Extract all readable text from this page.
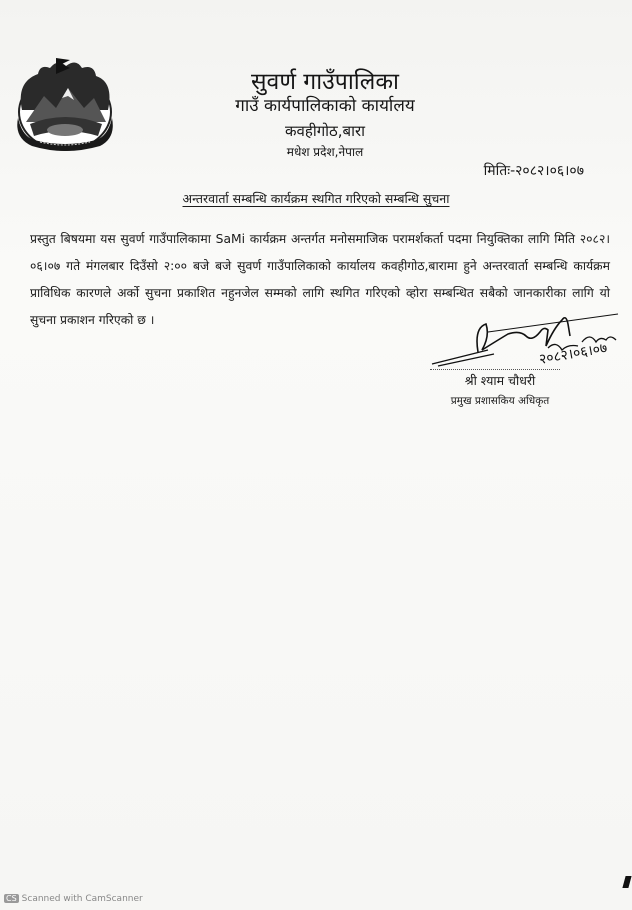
सुवर्ण गाउँपालिका
गाउँ कार्यपालिकाको कार्यालय
कवहीगोठ,बारा
मधेश प्रदेश,नेपाल
मितिः-२०८२।०६।०७
अन्तरवार्ता सम्बन्धि कार्यक्रम स्थगित गरिएको सम्बन्धि सुचना
प्रस्तुत बिषयमा यस सुवर्ण गाउँपालिकामा SaMi कार्यक्रम अन्तर्गत मनोसमाजिक परामर्शकर्ता पदमा नियुक्तिका लागि मिति २०८२।०६।०७ गते मंगलबार दिउँसो २:०० बजे बजे सुवर्ण गाउँपालिकाको कार्यालय कवहीगोठ,बारामा हुने अन्तरवार्ता सम्बन्धि कार्यक्रम प्राविधिक कारणले अर्को सुचना प्रकाशित नहुनजेल सम्मको लागि स्थगित गरिएको व्होरा सम्बन्धित सबैको जानकारीका लागि यो सुचना प्रकाशन गरिएको छ ।
२०८२।०६।०७
श्री श्याम चौधरी
प्रमुख प्रशासकिय अधिकृत
CS Scanned with CamScanner
